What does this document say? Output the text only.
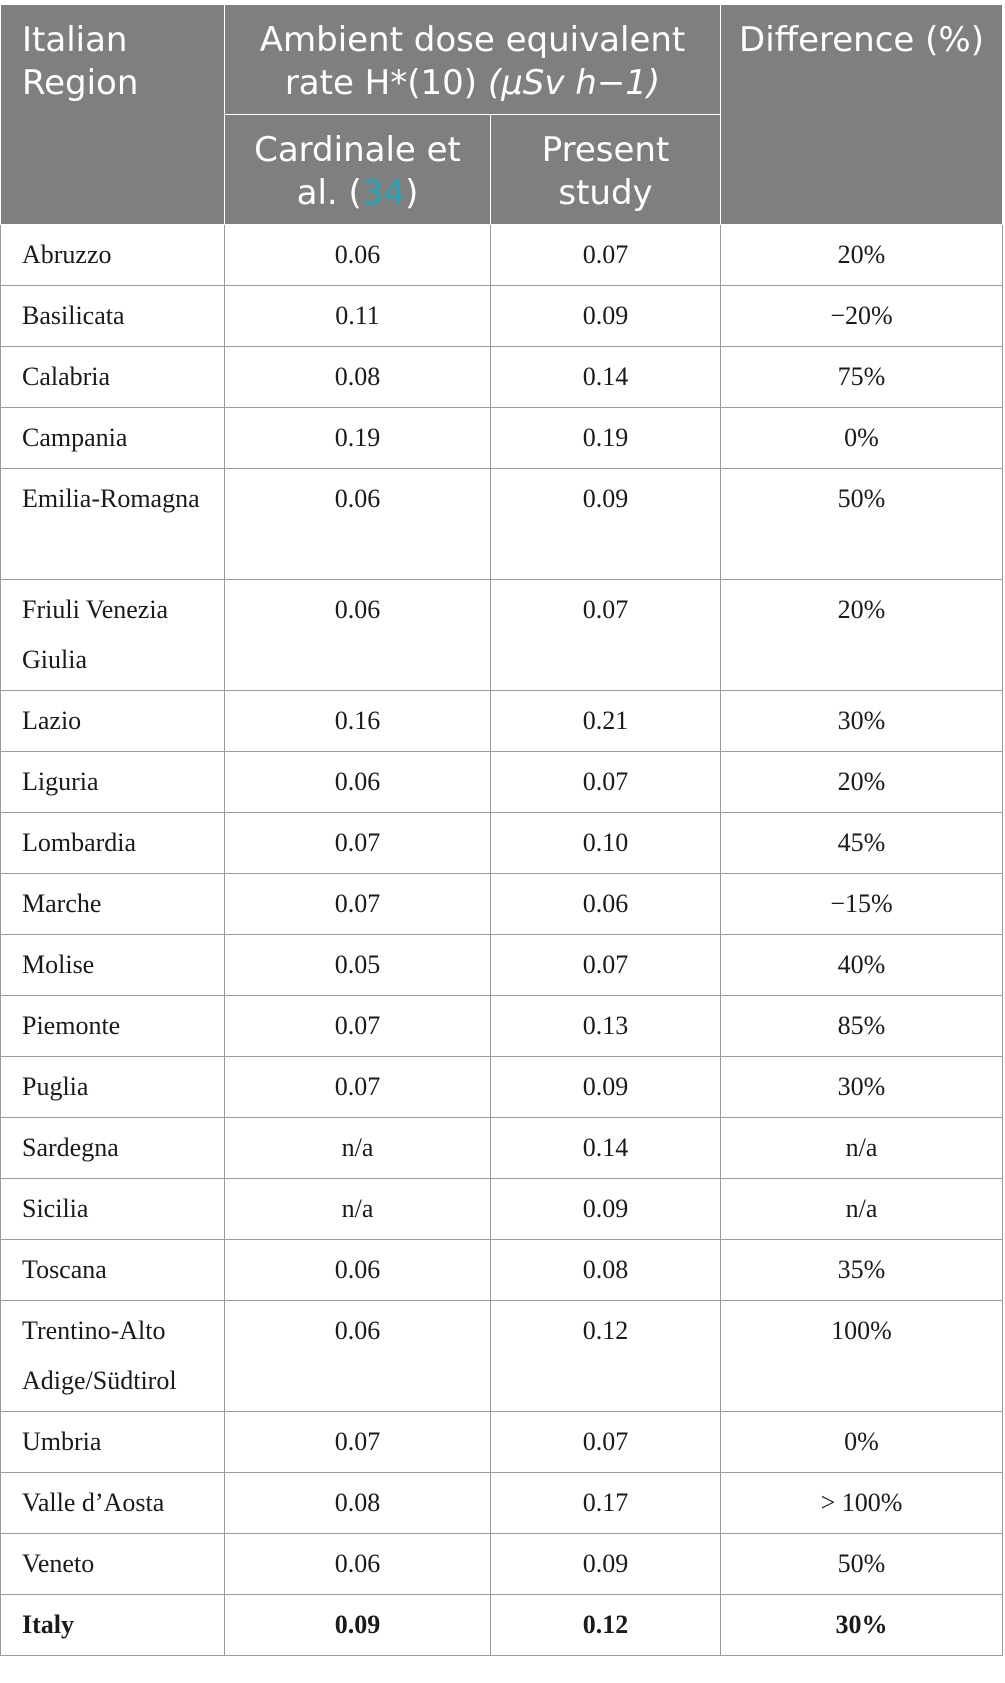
Italian Region	Ambient dose equivalent rate H*(10) (μSv h−1)		Difference (%)
	Cardinale et al. (34)	Present study	
Abruzzo	0.06	0.07	20%
Basilicata	0.11	0.09	−20%
Calabria	0.08	0.14	75%
Campania	0.19	0.19	0%
Emilia-Romagna	0.06	0.09	50%
Friuli Venezia Giulia	0.06	0.07	20%
Lazio	0.16	0.21	30%
Liguria	0.06	0.07	20%
Lombardia	0.07	0.10	45%
Marche	0.07	0.06	−15%
Molise	0.05	0.07	40%
Piemonte	0.07	0.13	85%
Puglia	0.07	0.09	30%
Sardegna	n/a	0.14	n/a
Sicilia	n/a	0.09	n/a
Toscana	0.06	0.08	35%
Trentino-Alto Adige/Südtirol	0.06	0.12	100%
Umbria	0.07	0.07	0%
Valle d’Aosta	0.08	0.17	> 100%
Veneto	0.06	0.09	50%
Italy	0.09	0.12	30%
